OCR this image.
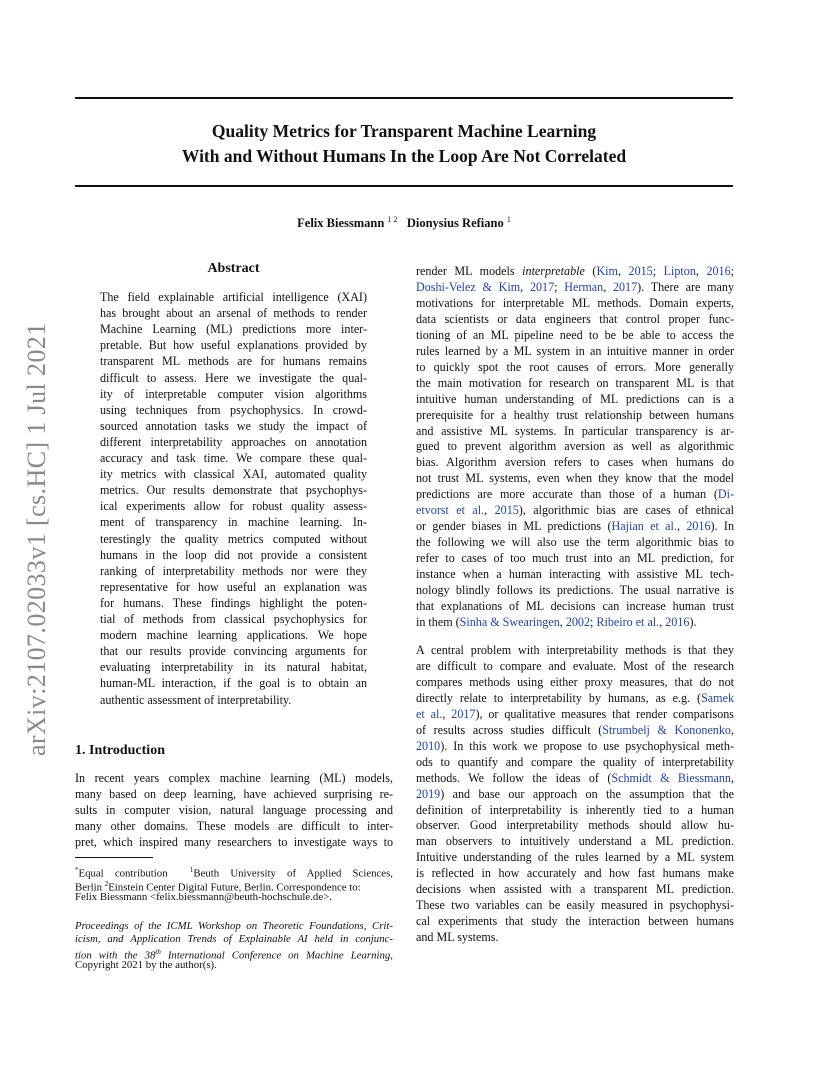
Quality Metrics for Transparent Machine Learning
With and Without Humans In the Loop Are Not Correlated
Felix Biessmann $^{1 2}$ Dionysius Refiano $^1$
arXiv:2107.02033v1 [cs.HC] 1 Jul 2021
Abstract
The field explainable artificial intelligence (XAI)
has brought about an arsenal of methods to render
Machine Learning (ML) predictions more inter-
pretable. But how useful explanations provided by
transparent ML methods are for humans remains
difficult to assess. Here we investigate the qual-
ity of interpretable computer vision algorithms
using techniques from psychophysics. In crowd-
sourced annotation tasks we study the impact of
different interpretability approaches on annotation
accuracy and task time. We compare these qual-
ity metrics with classical XAI, automated quality
metrics. Our results demonstrate that psychophys-
ical experiments allow for robust quality assess-
ment of transparency in machine learning. In-
terestingly the quality metrics computed without
humans in the loop did not provide a consistent
ranking of interpretability methods nor were they
representative for how useful an explanation was
for humans. These findings highlight the poten-
tial of methods from classical psychophysics for
modern machine learning applications. We hope
that our results provide convincing arguments for
evaluating interpretability in its natural habitat,
human-ML interaction, if the goal is to obtain an
authentic assessment of interpretability.
1. Introduction
In recent years complex machine learning (ML) models,
many based on deep learning, have achieved surprising re-
sults in computer vision, natural language processing and
many other domains. These models are difficult to inter-
pret, which inspired many researchers to investigate ways to
*Equal contribution	$^1$Beuth University of Applied Sciences,
Berlin $^2$Einstein Center Digital Future, Berlin. Correspondence to:
Felix Biessmann <felix.biessmann@beuth-hochschule.de>.
Proceedings of the ICML Workshop on Theoretic Foundations, Crit-
icism, and Application Trends of Explainable AI held in conjunc-
tion with the 38th International Conference on Machine Learning,
Copyright 2021 by the author(s).
render ML models interpretable (Kim, 2015; Lipton, 2016;
Doshi-Velez & Kim, 2017; Herman, 2017). There are many
motivations for interpretable ML methods. Domain experts,
data scientists or data engineers that control proper func-
tioning of an ML pipeline need to be be able to access the
rules learned by a ML system in an intuitive manner in order
to quickly spot the root causes of errors. More generally
the main motivation for research on transparent ML is that
intuitive human understanding of ML predictions can is a
prerequisite for a healthy trust relationship between humans
and assistive ML systems. In particular transparency is ar-
gued to prevent algorithm aversion as well as algorithmic
bias. Algorithm aversion refers to cases when humans do
not trust ML systems, even when they know that the model
predictions are more accurate than those of a human (Di-
etvorst et al., 2015), algorithmic bias are cases of ethnical
or gender biases in ML predictions (Hajian et al., 2016). In
the following we will also use the term algorithmic bias to
refer to cases of too much trust into an ML prediction, for
instance when a human interacting with assistive ML tech-
nology blindly follows its predictions. The usual narrative is
that explanations of ML decisions can increase human trust
in them (Sinha & Swearingen, 2002; Ribeiro et al., 2016).
A central problem with interpretability methods is that they
are difficult to compare and evaluate. Most of the research
compares methods using either proxy measures, that do not
directly relate to interpretability by humans, as e.g. (Samek
et al., 2017), or qualitative measures that render comparisons
of results across studies difficult (Strumbelj & Kononenko,
2010). In this work we propose to use psychophysical meth-
ods to quantify and compare the quality of interpretability
methods. We follow the ideas of (Schmidt & Biessmann,
2019) and base our approach on the assumption that the
definition of interpretability is inherently tied to a human
observer. Good interpretability methods should allow hu-
man observers to intuitively understand a ML prediction.
Intuitive understanding of the rules learned by a ML system
is reflected in how accurately and how fast humans make
decisions when assisted with a transparent ML prediction.
These two variables can be easily measured in psychophysi-
cal experiments that study the interaction between humans
and ML systems.
